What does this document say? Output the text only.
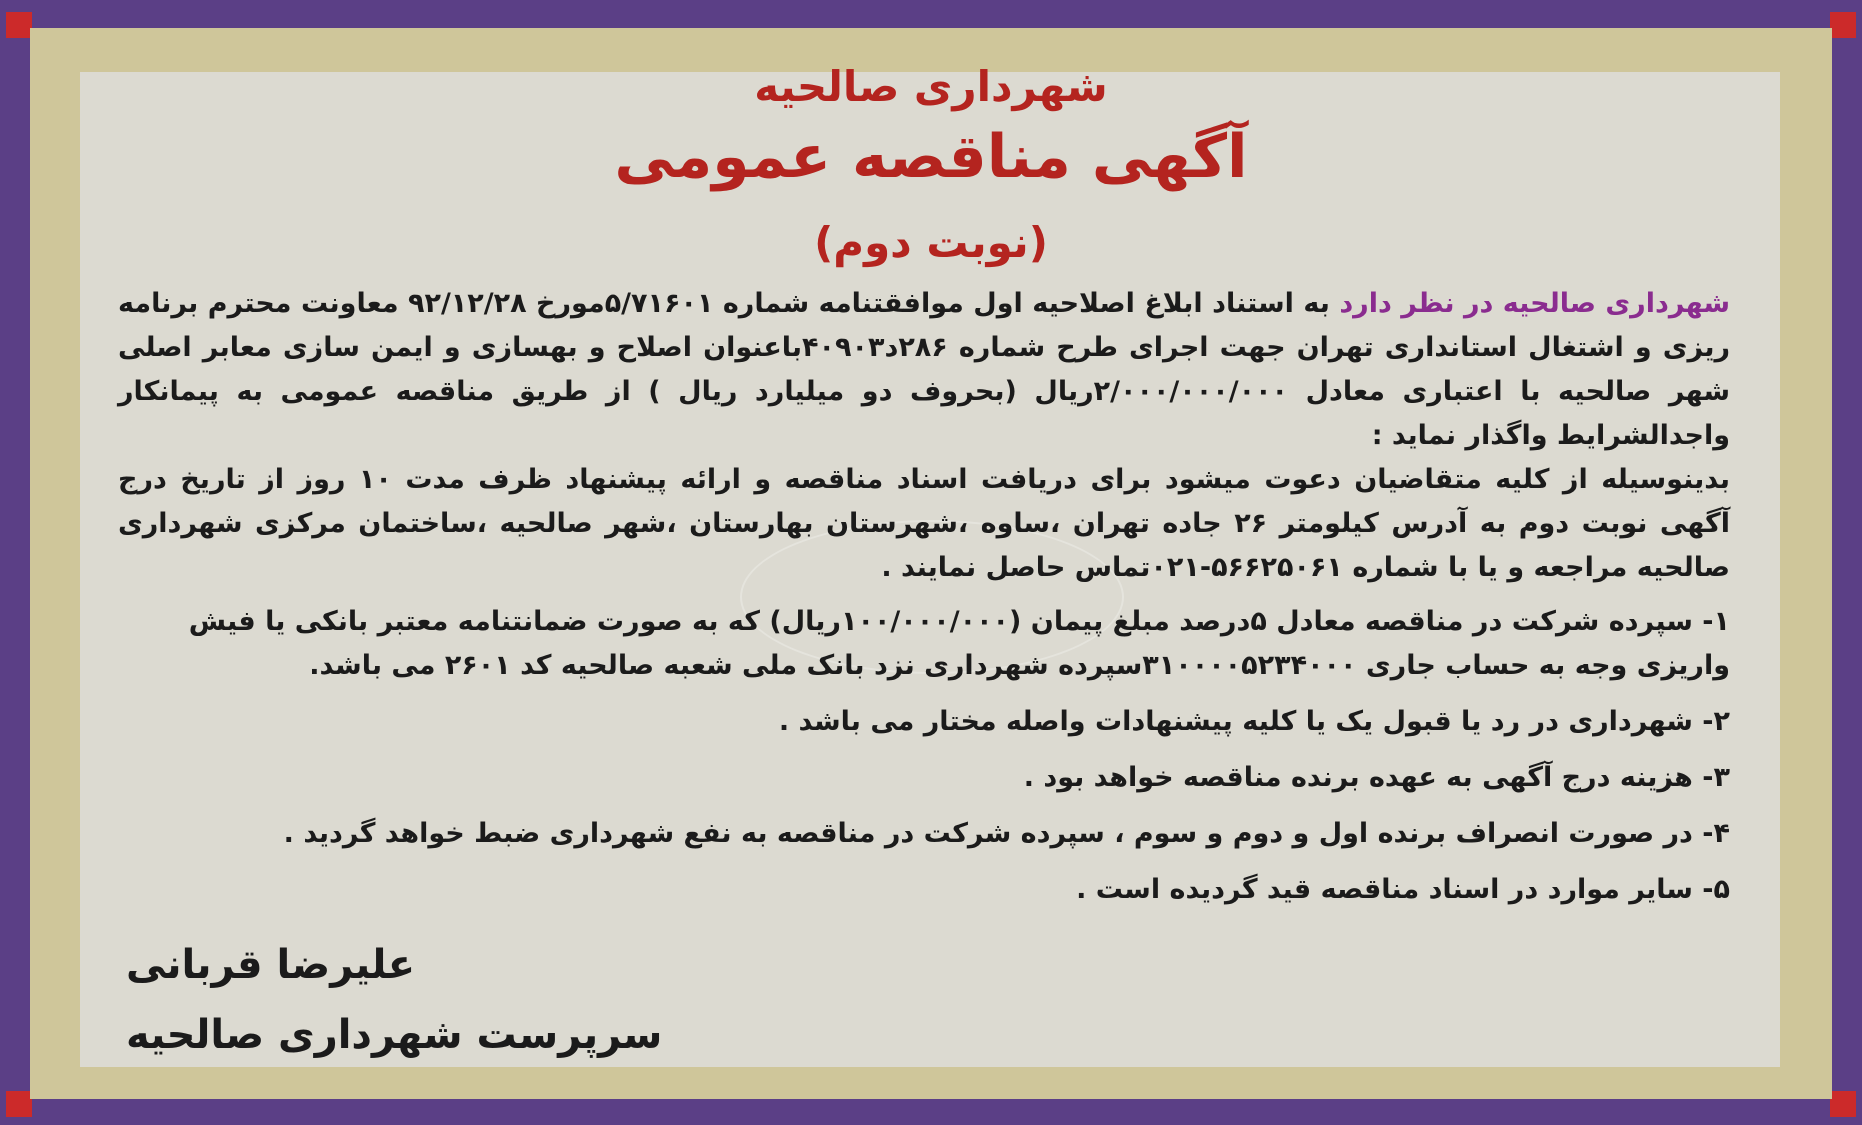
شهرداری صالحیه
آگهی مناقصه عمومی
(نوبت دوم)

شهرداری صالحیه در نظر دارد به استناد ابلاغ اصلاحیه اول موافقتنامه شماره ۵/۷۱۶۰۱مورخ ۹۲/۱۲/۲۸ معاونت محترم برنامه ریزی و اشتغال استانداری تهران جهت اجرای طرح شماره ۲۸۶د۴۰۹۰۳باعنوان اصلاح و بهسازی و ایمن سازی معابر اصلی شهر صالحیه با اعتباری معادل ۲/۰۰۰/۰۰۰/۰۰۰ریال (بحروف دو میلیارد ریال ) از طریق مناقصه عمومی به پیمانکار واجدالشرایط واگذار نماید :

بدینوسیله از کلیه متقاضیان دعوت میشود برای دریافت اسناد مناقصه و ارائه پیشنهاد ظرف مدت ۱۰ روز از تاریخ درج آگهی نوبت دوم به آدرس کیلومتر ۲۶ جاده تهران ،ساوه ،شهرستان بهارستان ،شهر صالحیه ،ساختمان مرکزی شهرداری صالحیه مراجعه و یا با شماره ۵۶۶۲۵۰۶۱-۰۲۱تماس حاصل نمایند .

۱- سپرده شرکت در مناقصه معادل ۵درصد مبلغ پیمان (۱۰۰/۰۰۰/۰۰۰ریال) که به صورت ضمانتنامه معتبر بانکی یا فیش واریزی وجه به حساب جاری ۳۱۰۰۰۰۵۲۳۴۰۰۰سپرده شهرداری نزد بانک ملی شعبه صالحیه کد ۲۶۰۱ می باشد.

۲- شهرداری در رد یا قبول یک یا کلیه پیشنهادات واصله مختار می باشد .

۳- هزینه درج آگهی به عهده برنده مناقصه خواهد بود .

۴- در صورت انصراف برنده اول و دوم و سوم ، سپرده شرکت در مناقصه به نفع شهرداری ضبط خواهد گردید .

۵- سایر موارد در اسناد مناقصه قید گردیده است .

علیرضا قربانی
سرپرست شهرداری صالحیه
